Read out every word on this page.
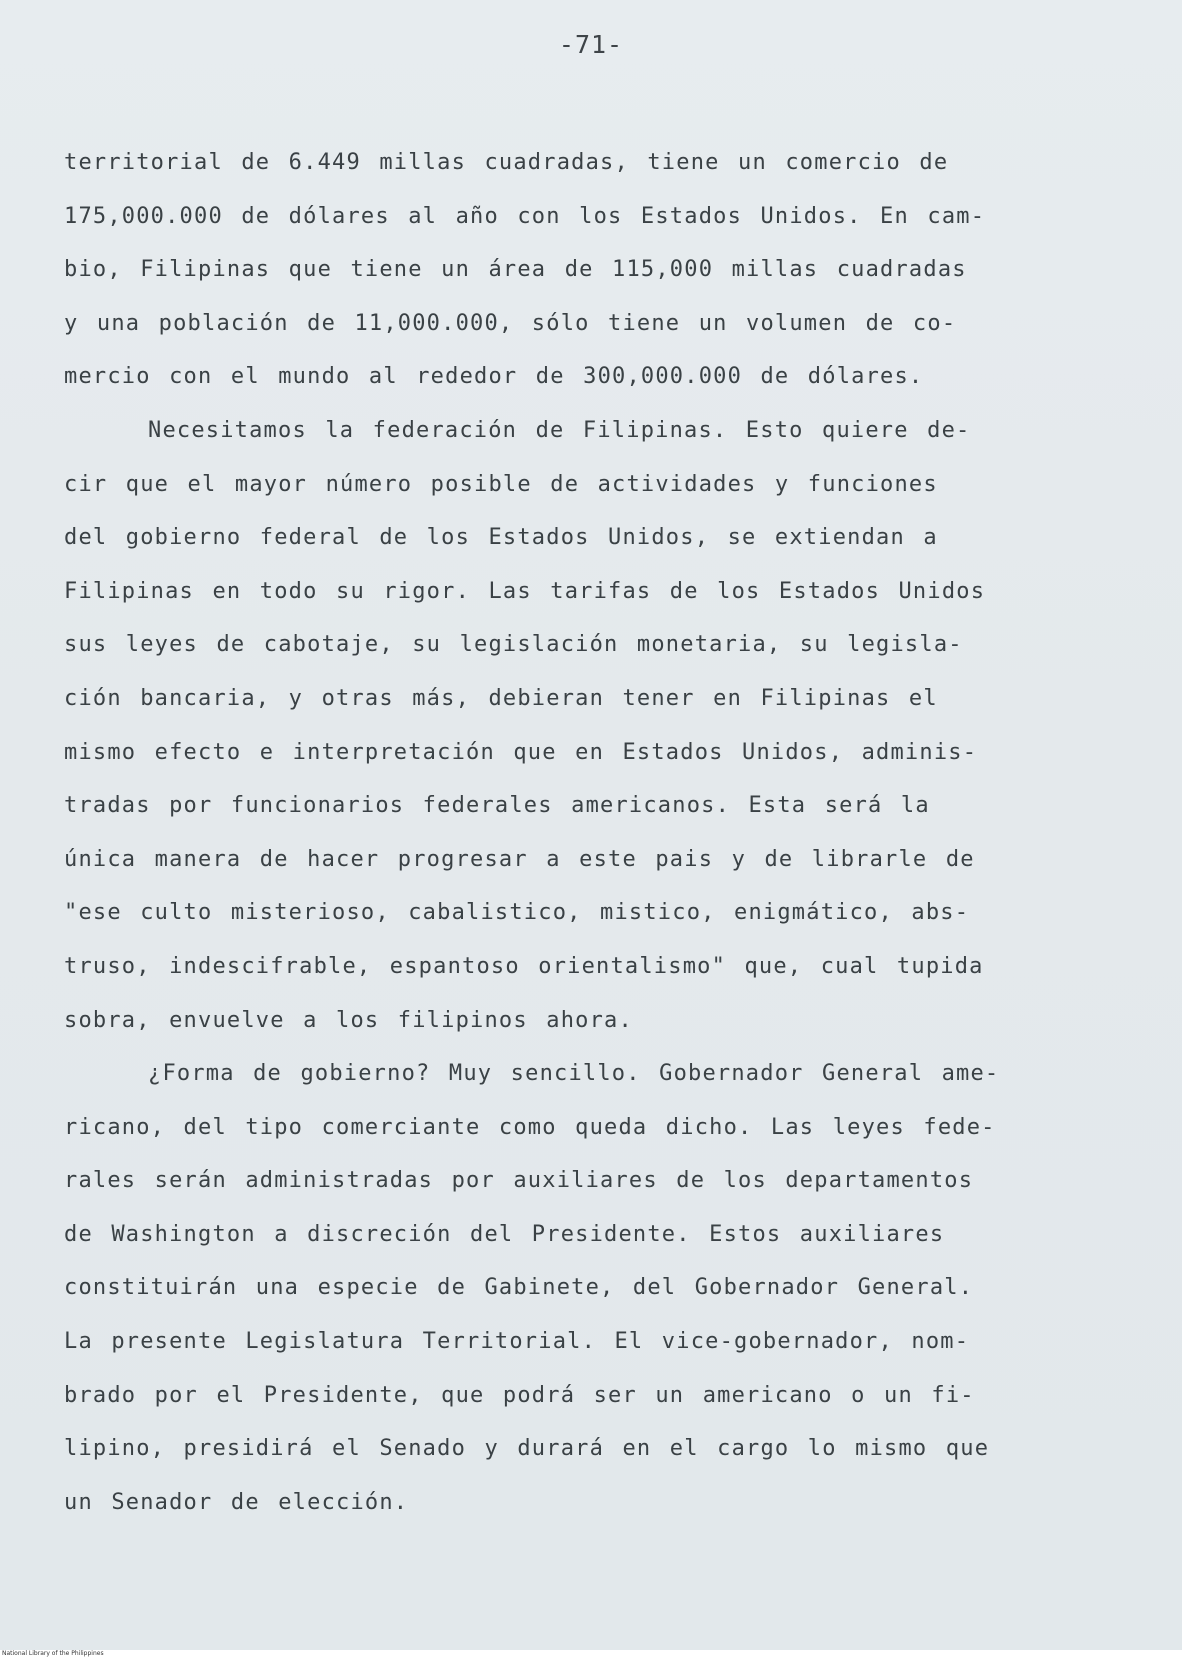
-71-
territorial de 6.449 millas cuadradas, tiene un comercio de
175,000.000 de dólares al año con los Estados Unidos. En cam-
bio, Filipinas que tiene un área de 115,000 millas cuadradas
y una población de 11,000.000, sólo tiene un volumen de co-
mercio con el mundo al rededor de 300,000.000 de dólares.
Necesitamos la federación de Filipinas. Esto quiere de-
cir que el mayor número posible de actividades y funciones
del gobierno federal de los Estados Unidos, se extiendan a
Filipinas en todo su rigor. Las tarifas de los Estados Unidos
sus leyes de cabotaje, su legislación monetaria, su legisla-
ción bancaria, y otras más, debieran tener en Filipinas el
mismo efecto e interpretación que en Estados Unidos, adminis-
tradas por funcionarios federales americanos. Esta será la
única manera de hacer progresar a este pais y de librarle de
"ese culto misterioso, cabalistico, mistico, enigmático, abs-
truso, indescifrable, espantoso orientalismo" que, cual tupida
sobra, envuelve a los filipinos ahora.
¿Forma de gobierno? Muy sencillo. Gobernador General ame-
ricano, del tipo comerciante como queda dicho. Las leyes fede-
rales serán administradas por auxiliares de los departamentos
de Washington a discreción del Presidente. Estos auxiliares
constituirán una especie de Gabinete, del Gobernador General.
La presente Legislatura Territorial. El vice-gobernador, nom-
brado por el Presidente, que podrá ser un americano o un fi-
lipino, presidirá el Senado y durará en el cargo lo mismo que
un Senador de elección.
National Library of the Philippines
